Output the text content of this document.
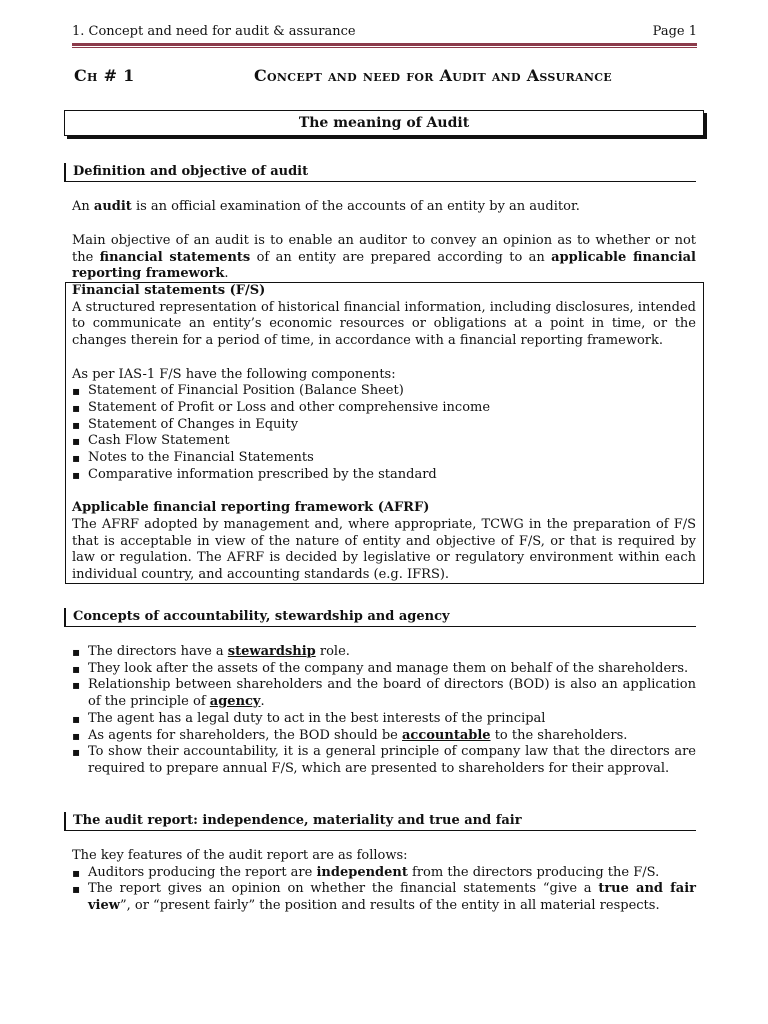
1. Concept and need for audit & assurance	Page 1
Ch # 1	Concept and need for Audit and Assurance
The meaning of Audit
Definition and objective of audit
An audit is an official examination of the accounts of an entity by an auditor.
Main objective of an audit is to enable an auditor to convey an opinion as to whether or not the financial statements of an entity are prepared according to an applicable financial reporting framework.
Financial statements (F/S)
A structured representation of historical financial information, including disclosures, intended to communicate an entity’s economic resources or obligations at a point in time, or the changes therein for a period of time, in accordance with a financial reporting framework.
As per IAS-1 F/S have the following components:
▪ Statement of Financial Position (Balance Sheet)
▪ Statement of Profit or Loss and other comprehensive income
▪ Statement of Changes in Equity
▪ Cash Flow Statement
▪ Notes to the Financial Statements
▪ Comparative information prescribed by the standard
Applicable financial reporting framework (AFRF)
The AFRF adopted by management and, where appropriate, TCWG in the preparation of F/S that is acceptable in view of the nature of entity and objective of F/S, or that is required by law or regulation. The AFRF is decided by legislative or regulatory environment within each individual country, and accounting standards (e.g. IFRS).
Concepts of accountability, stewardship and agency
▪ The directors have a stewardship role.
▪ They look after the assets of the company and manage them on behalf of the shareholders.
▪ Relationship between shareholders and the board of directors (BOD) is also an application of the principle of agency.
▪ The agent has a legal duty to act in the best interests of the principal
▪ As agents for shareholders, the BOD should be accountable to the shareholders.
▪ To show their accountability, it is a general principle of company law that the directors are required to prepare annual F/S, which are presented to shareholders for their approval.
The audit report: independence, materiality and true and fair
The key features of the audit report are as follows:
▪ Auditors producing the report are independent from the directors producing the F/S.
▪ The report gives an opinion on whether the financial statements “give a true and fair view”, or “present fairly” the position and results of the entity in all material respects.
